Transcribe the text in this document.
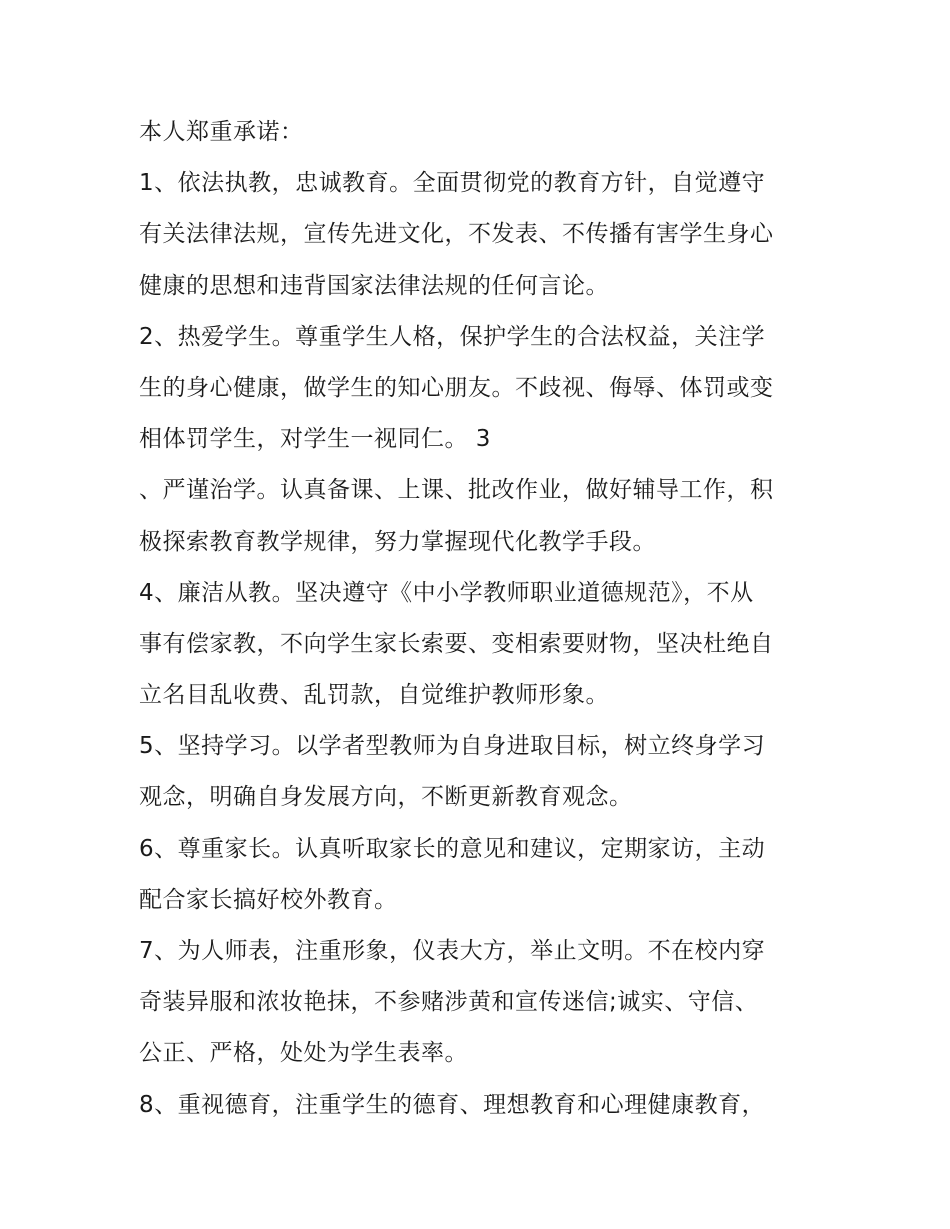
本人郑重承诺：
1、依法执教，忠诚教育。全面贯彻党的教育方针，自觉遵守
有关法律法规，宣传先进文化，不发表、不传播有害学生身心
健康的思想和违背国家法律法规的任何言论。
2、热爱学生。尊重学生人格，保护学生的合法权益，关注学
生的身心健康，做学生的知心朋友。不歧视、侮辱、体罚或变
相体罚学生，对学生一视同仁。 3
、严谨治学。认真备课、上课、批改作业，做好辅导工作，积
极探索教育教学规律，努力掌握现代化教学手段。
4、廉洁从教。坚决遵守《中小学教师职业道德规范》，不从
事有偿家教，不向学生家长索要、变相索要财物，坚决杜绝自
立名目乱收费、乱罚款，自觉维护教师形象。
5、坚持学习。以学者型教师为自身进取目标，树立终身学习
观念，明确自身发展方向，不断更新教育观念。
6、尊重家长。认真听取家长的意见和建议，定期家访，主动
配合家长搞好校外教育。
7、为人师表，注重形象，仪表大方，举止文明。不在校内穿
奇装异服和浓妆艳抹，不参赌涉黄和宣传迷信;诚实、守信、
公正、严格，处处为学生表率。
8、重视德育，注重学生的德育、理想教育和心理健康教育，
